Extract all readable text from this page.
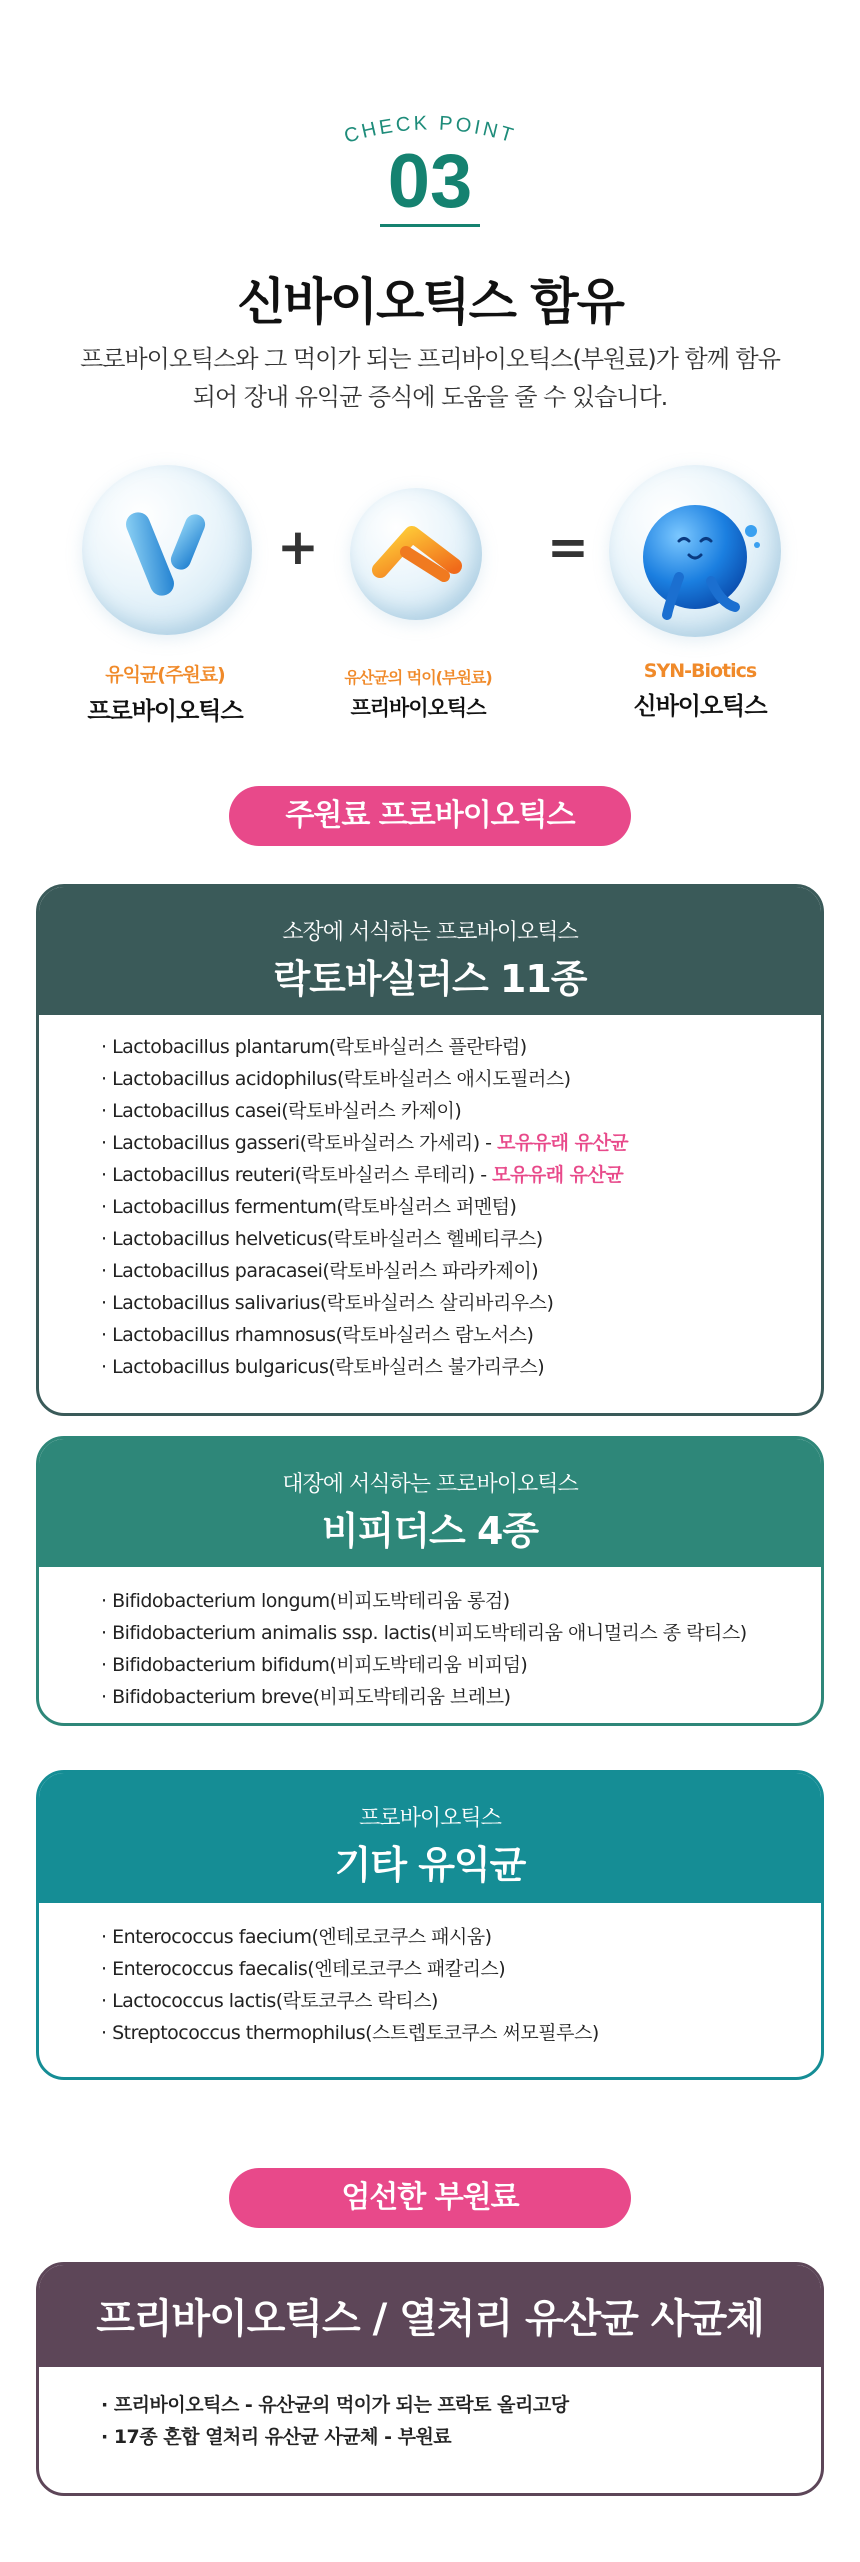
CHECK POINT
03
신바이오틱스 함유
프로바이오틱스와 그 먹이가 되는 프리바이오틱스(부원료)가 함께 함유되어 장내 유익균 증식에 도움을 줄 수 있습니다.
+	=
유익균(주원료)
프로바이오틱스
유산균의 먹이(부원료)
프리바이오틱스
SYN-Biotics
신바이오틱스
주원료 프로바이오틱스
소장에 서식하는 프로바이오틱스
락토바실러스 11종
· Lactobacillus plantarum(락토바실러스 플란타럼)
· Lactobacillus acidophilus(락토바실러스 애시도필러스)
· Lactobacillus casei(락토바실러스 카제이)
· Lactobacillus gasseri(락토바실러스 가세리) - 모유유래 유산균
· Lactobacillus reuteri(락토바실러스 루테리) - 모유유래 유산균
· Lactobacillus fermentum(락토바실러스 퍼멘텀)
· Lactobacillus helveticus(락토바실러스 헬베티쿠스)
· Lactobacillus paracasei(락토바실러스 파라카제이)
· Lactobacillus salivarius(락토바실러스 살리바리우스)
· Lactobacillus rhamnosus(락토바실러스 람노서스)
· Lactobacillus bulgaricus(락토바실러스 불가리쿠스)
대장에 서식하는 프로바이오틱스
비피더스 4종
· Bifidobacterium longum(비피도박테리움 롱검)
· Bifidobacterium animalis ssp. lactis(비피도박테리움 애니멀리스 종 락티스)
· Bifidobacterium bifidum(비피도박테리움 비피덤)
· Bifidobacterium breve(비피도박테리움 브레브)
프로바이오틱스
기타 유익균
· Enterococcus faecium(엔테로코쿠스 패시움)
· Enterococcus faecalis(엔테로코쿠스 패칼리스)
· Lactococcus lactis(락토코쿠스 락티스)
· Streptococcus thermophilus(스트렙토코쿠스 써모필루스)
엄선한 부원료
프리바이오틱스 / 열처리 유산균 사균체
· 프리바이오틱스 - 유산균의 먹이가 되는 프락토 올리고당
· 17종 혼합 열처리 유산균 사균체 - 부원료
